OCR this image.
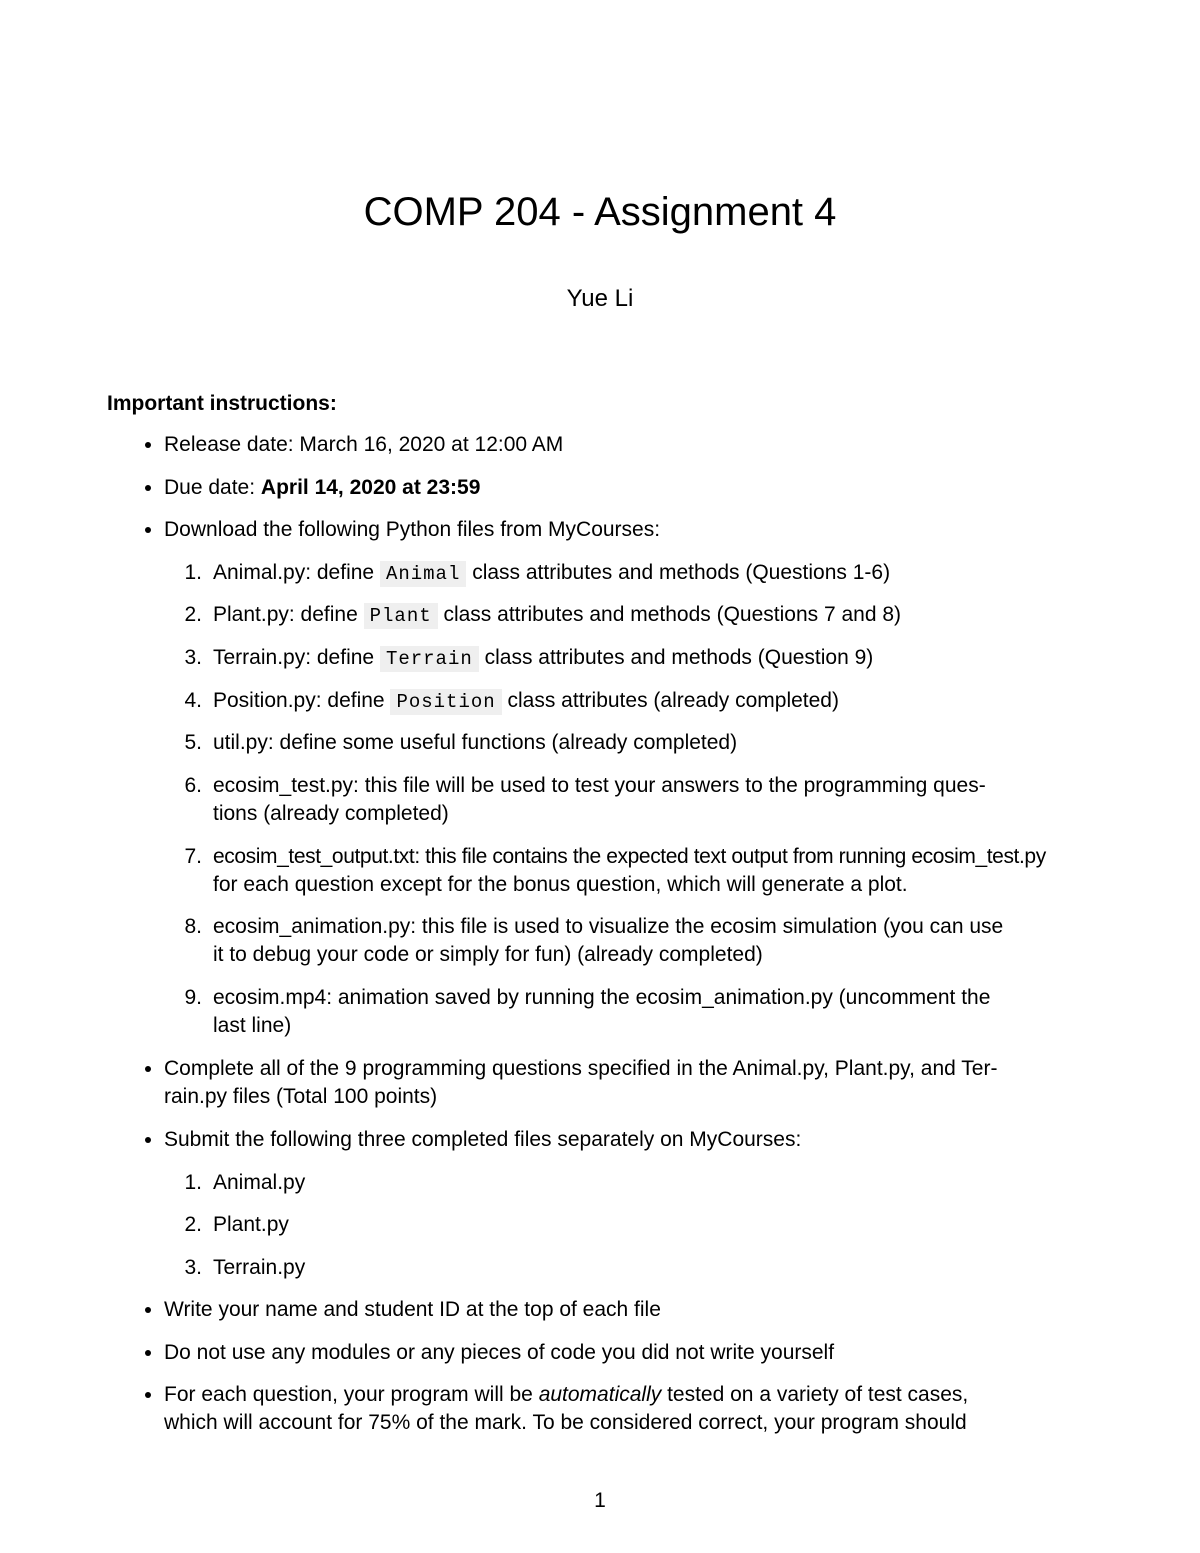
COMP 204 - Assignment 4
Yue Li
Important instructions:
Release date: March 16, 2020 at 12:00 AM
Due date: April 14, 2020 at 23:59
Download the following Python files from MyCourses:
1. Animal.py: define Animal class attributes and methods (Questions 1-6)
2. Plant.py: define Plant class attributes and methods (Questions 7 and 8)
3. Terrain.py: define Terrain class attributes and methods (Question 9)
4. Position.py: define Position class attributes (already completed)
5. util.py: define some useful functions (already completed)
6. ecosim_test.py: this file will be used to test your answers to the programming ques-
tions (already completed)
7. ecosim_test_output.txt: this file contains the expected text output from running ecosim_test.py
for each question except for the bonus question, which will generate a plot.
8. ecosim_animation.py: this file is used to visualize the ecosim simulation (you can use
it to debug your code or simply for fun) (already completed)
9. ecosim.mp4: animation saved by running the ecosim_animation.py (uncomment the
last line)
Complete all of the 9 programming questions specified in the Animal.py, Plant.py, and Ter-
rain.py files (Total 100 points)
Submit the following three completed files separately on MyCourses:
1. Animal.py
2. Plant.py
3. Terrain.py
Write your name and student ID at the top of each file
Do not use any modules or any pieces of code you did not write yourself
For each question, your program will be automatically tested on a variety of test cases,
which will account for 75% of the mark. To be considered correct, your program should
1
